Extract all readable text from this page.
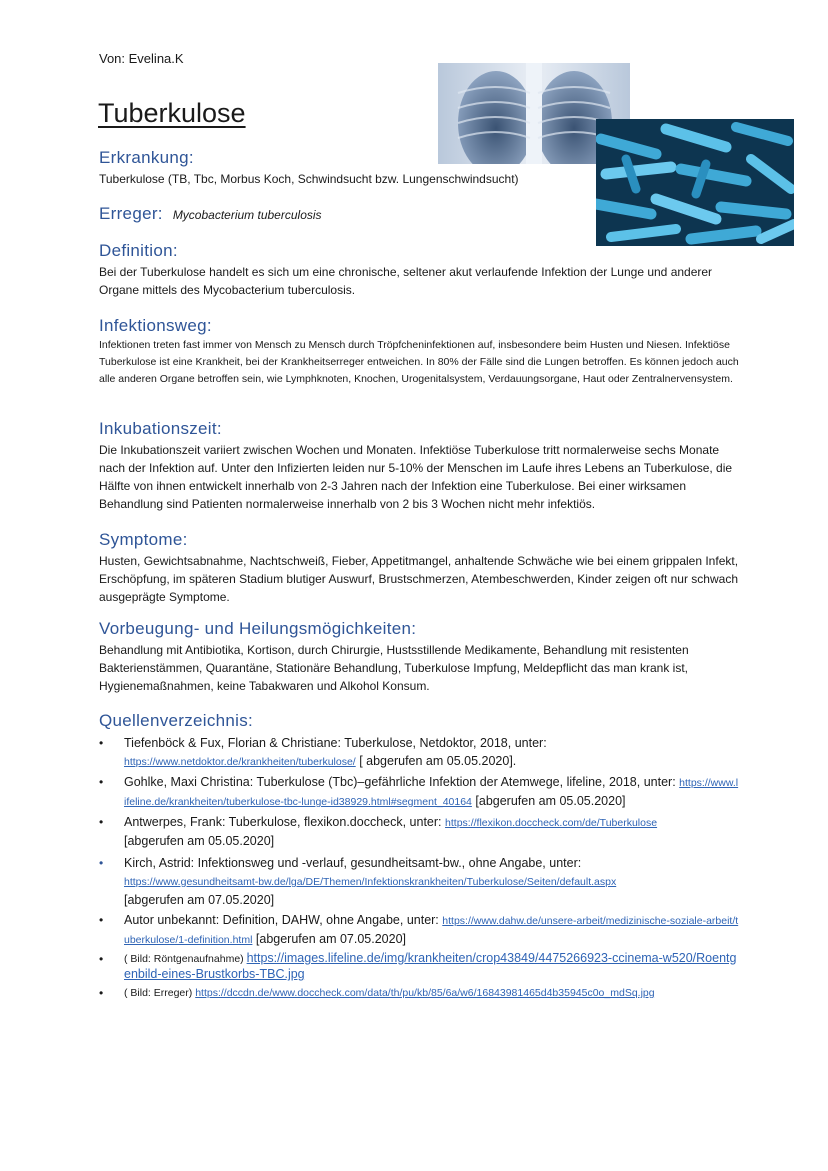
Von: Evelina.K
Tuberkulose
Erkrankung:
Tuberkulose (TB, Tbc, Morbus Koch, Schwindsucht bzw. Lungenschwindsucht)
Erreger: Mycobacterium tuberculosis
Definition:
Bei der Tuberkulose handelt es sich um eine chronische, seltener akut verlaufende Infektion der Lunge und anderer Organe mittels des Mycobacterium tuberculosis.
Infektionsweg:
Infektionen treten fast immer von Mensch zu Mensch durch Tröpfcheninfektionen auf, insbesondere beim Husten und Niesen. Infektiöse Tuberkulose ist eine Krankheit, bei der Krankheitserreger entweichen. In 80% der Fälle sind die Lungen betroffen. Es können jedoch auch alle anderen Organe betroffen sein, wie Lymphknoten, Knochen, Urogenitalsystem, Verdauungsorgane, Haut oder Zentralnervensystem.
Inkubationszeit:
Die Inkubationszeit variiert zwischen Wochen und Monaten. Infektiöse Tuberkulose tritt normalerweise sechs Monate nach der Infektion auf. Unter den Infizierten leiden nur 5-10% der Menschen im Laufe ihres Lebens an Tuberkulose, die Hälfte von ihnen entwickelt innerhalb von 2-3 Jahren nach der Infektion eine Tuberkulose. Bei einer wirksamen Behandlung sind Patienten normalerweise innerhalb von 2 bis 3 Wochen nicht mehr infektiös.
Symptome:
Husten, Gewichtsabnahme, Nachtschweiß, Fieber, Appetitmangel, anhaltende Schwäche wie bei einem grippalen Infekt, Erschöpfung, im späteren Stadium blutiger Auswurf, Brustschmerzen, Atembeschwerden, Kinder zeigen oft nur schwach ausgeprägte Symptome.
Vorbeugung- und Heilungsmögichkeiten:
Behandlung mit Antibiotika, Kortison, durch Chirurgie, Hustsstillende Medikamente, Behandlung mit resistenten Bakterienstämmen, Quarantäne, Stationäre Behandlung, Tuberkulose Impfung, Meldepflicht das man krank ist, Hygienemaßnahmen, keine Tabakwaren und Alkohol Konsum.
Quellenverzeichnis:
• Tiefenböck & Fux, Florian & Christiane: Tuberkulose, Netdoktor, 2018, unter:
https://www.netdoktor.de/krankheiten/tuberkulose/ [ abgerufen am 05.05.2020].
• Gohlke, Maxi Christina: Tuberkulose (Tbc)–gefährliche Infektion der Atemwege, lifeline, 2018, unter: https://www.lifeline.de/krankheiten/tuberkulose-tbc-lunge-id38929.html#segment_40164 [abgerufen am 05.05.2020]
• Antwerpes, Frank: Tuberkulose, flexikon.doccheck, unter: https://flexikon.doccheck.com/de/Tuberkulose
[abgerufen am 05.05.2020]
• Kirch, Astrid: Infektionsweg und -verlauf, gesundheitsamt-bw., ohne Angabe, unter:
https://www.gesundheitsamt-bw.de/lga/DE/Themen/Infektionskrankheiten/Tuberkulose/Seiten/default.aspx
[abgerufen am 07.05.2020]
• Autor unbekannt: Definition, DAHW, ohne Angabe, unter: https://www.dahw.de/unsere-arbeit/medizinische-soziale-arbeit/tuberkulose/1-definition.html [abgerufen am 07.05.2020]
• ( Bild: Röntgenaufnahme) https://images.lifeline.de/img/krankheiten/crop43849/4475266923-ccinema-w520/Roentgenbild-eines-Brustkorbs-TBC.jpg
• ( Bild: Erreger) https://dccdn.de/www.doccheck.com/data/th/pu/kb/85/6a/w6/16843981465d4b35945c0o_mdSq.jpg
